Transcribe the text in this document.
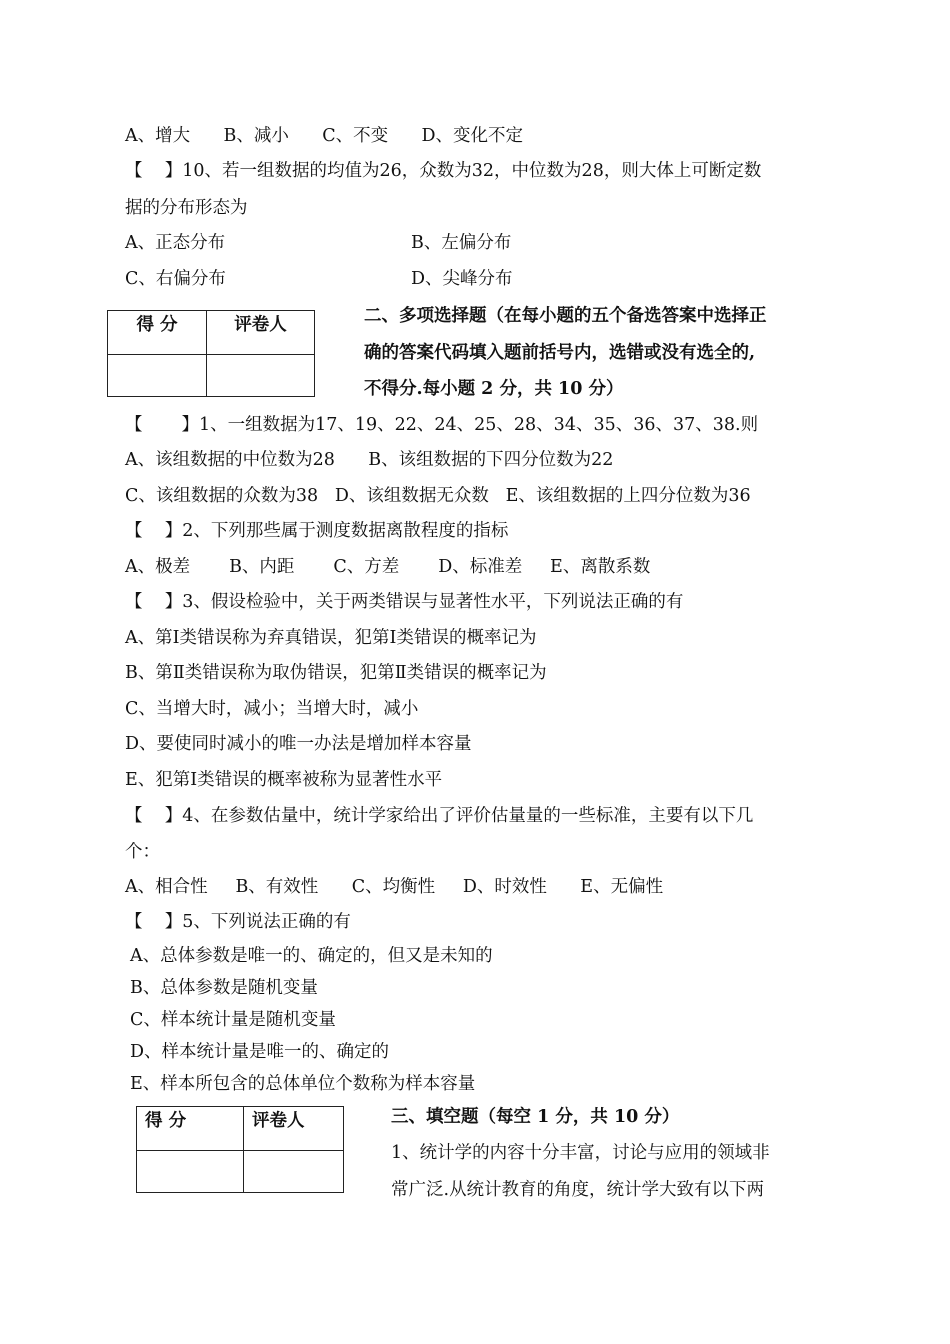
A、增大      B、减小      C、不变      D、变化不定
【    】10、若一组数据的均值为26，众数为32，中位数为28，则大体上可断定数
据的分布形态为
A、正态分布	B、左偏分布
C、右偏分布	D、尖峰分布
得 分	评卷人
		二、多项选择题（在每小题的五个备选答案中选择正
确的答案代码填入题前括号内，选错或没有选全的,
不得分.每小题 2 分，共 10 分）
【       】1、一组数据为17、19、22、24、25、28、34、35、36、37、38.则
A、该组数据的中位数为28      B、该组数据的下四分位数为22
C、该组数据的众数为38   D、该组数据无众数   E、该组数据的上四分位数为36
【    】2、下列那些属于测度数据离散程度的指标
A、极差       B、内距       C、方差       D、标准差     E、离散系数
【    】3、假设检验中，关于两类错误与显著性水平，下列说法正确的有
A、第Ⅰ类错误称为弃真错误，犯第Ⅰ类错误的概率记为
B、第Ⅱ类错误称为取伪错误，犯第Ⅱ类错误的概率记为
C、当增大时，减小；当增大时，减小
D、要使同时减小的唯一办法是增加样本容量
E、犯第Ⅰ类错误的概率被称为显著性水平
【    】4、在参数估量中，统计学家给出了评价估量量的一些标准，主要有以下几
个：
A、相合性     B、有效性      C、均衡性     D、时效性      E、无偏性
【    】5、下列说法正确的有
A、总体参数是唯一的、确定的，但又是未知的
B、总体参数是随机变量
C、样本统计量是随机变量
D、样本统计量是唯一的、确定的
E、样本所包含的总体单位个数称为样本容量
得 分	评卷人
		三、填空题（每空 1 分，共 10 分）
1、统计学的内容十分丰富，讨论与应用的领域非
常广泛.从统计教育的角度，统计学大致有以下两
